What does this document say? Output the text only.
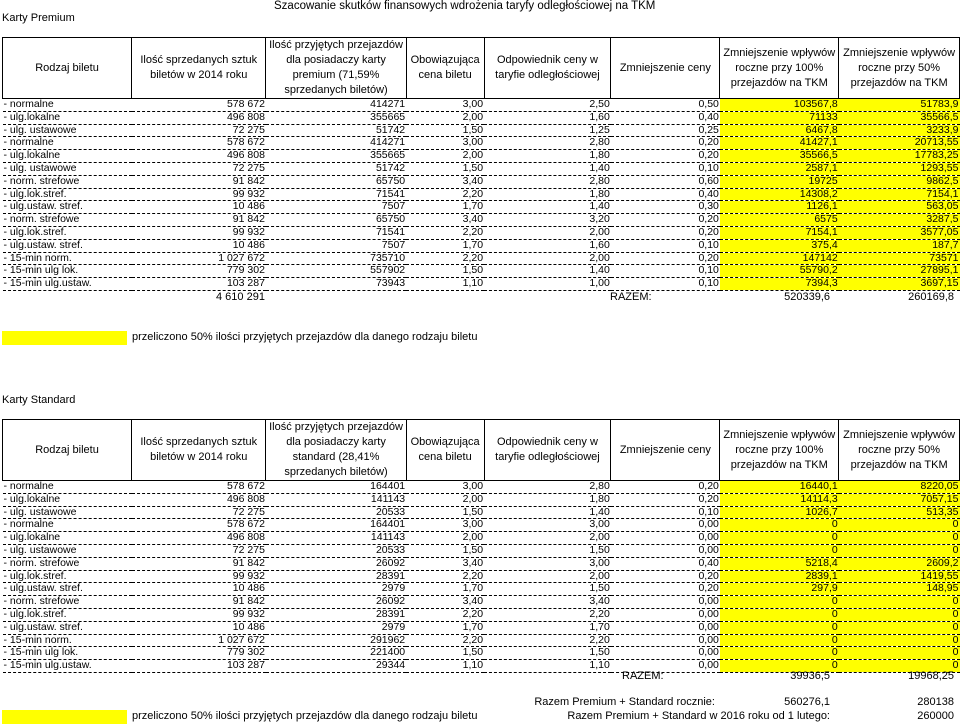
Karty Premium
Szacowanie skutków finansowych wdrożenia taryfy odległościowej na TKM
Rodzaj biletu	Ilość sprzedanych sztuk biletów w 2014 roku	Ilość przyjętych przejazdów dla posiadaczy karty premium (71,59% sprzedanych biletów)	Obowiązująca cena biletu	Odpowiednik ceny w taryfie odległościowej	Zmniejszenie ceny	Zmniejszenie wpływów roczne przy 100% przejazdów na TKM	Zmniejszenie wpływów roczne przy 50% przejazdów na TKM
- normalne	578 672	414271	3,00	2,50	0,50	103567,8	51783,9
- ulg.lokalne	496 808	355665	2,00	1,60	0,40	71133	35566,5
- ulg. ustawowe	72 275	51742	1,50	1,25	0,25	6467,8	3233,9
- normalne	578 672	414271	3,00	2,80	0,20	41427,1	20713,55
- ulg.lokalne	496 808	355665	2,00	1,80	0,20	35566,5	17783,25
- ulg. ustawowe	72 275	51742	1,50	1,40	0,10	2587,1	1293,55
- norm. strefowe	91 842	65750	3,40	2,80	0,60	19725	9862,5
- ulg.lok.stref.	99 932	71541	2,20	1,80	0,40	14308,2	7154,1
- ulg.ustaw. stref.	10 486	7507	1,70	1,40	0,30	1126,1	563,05
- norm. strefowe	91 842	65750	3,40	3,20	0,20	6575	3287,5
- ulg.lok.stref.	99 932	71541	2,20	2,00	0,20	7154,1	3577,05
- ulg.ustaw. stref.	10 486	7507	1,70	1,60	0,10	375,4	187,7
- 15-min norm.	1 027 672	735710	2,20	2,00	0,20	147142	73571
- 15-min ulg lok.	779 302	557902	1,50	1,40	0,10	55790,2	27895,1
- 15-min ulg.ustaw.	103 287	73943	1,10	1,00	0,10	7394,3	3697,15
4 610 291	RAZEM:	520339,6	260169,8
przeliczono 50% ilości przyjętych przejazdów dla danego rodzaju biletu
Karty Standard
Rodzaj biletu	Ilość sprzedanych sztuk biletów w 2014 roku	Ilość przyjętych przejazdów dla posiadaczy karty standard (28,41% sprzedanych biletów)	Obowiązująca cena biletu	Odpowiednik ceny w taryfie odległościowej	Zmniejszenie ceny	Zmniejszenie wpływów roczne przy 100% przejazdów na TKM	Zmniejszenie wpływów roczne przy 50% przejazdów na TKM
- normalne	578 672	164401	3,00	2,80	0,20	16440,1	8220,05
- ulg.lokalne	496 808	141143	2,00	1,80	0,20	14114,3	7057,15
- ulg. ustawowe	72 275	20533	1,50	1,40	0,10	1026,7	513,35
- normalne	578 672	164401	3,00	3,00	0,00	0	0
- ulg.lokalne	496 808	141143	2,00	2,00	0,00	0	0
- ulg. ustawowe	72 275	20533	1,50	1,50	0,00	0	0
- norm. strefowe	91 842	26092	3,40	3,00	0,40	5218,4	2609,2
- ulg.lok.stref.	99 932	28391	2,20	2,00	0,20	2839,1	1419,55
- ulg.ustaw. stref.	10 486	2979	1,70	1,50	0,20	297,9	148,95
- norm. strefowe	91 842	26092	3,40	3,40	0,00	0	0
- ulg.lok.stref.	99 932	28391	2,20	2,20	0,00	0	0
- ulg.ustaw. stref.	10 486	2979	1,70	1,70	0,00	0	0
- 15-min norm.	1 027 672	291962	2,20	2,20	0,00	0	0
- 15-min ulg lok.	779 302	221400	1,50	1,50	0,00	0	0
- 15-min ulg.ustaw.	103 287	29344	1,10	1,10	0,00	0	0
RAZEM:	39936,5	19968,25
Razem Premium + Standard rocznie:	560276,1	280138
przeliczono 50% ilości przyjętych przejazdów dla danego rodzaju biletu	Razem Premium + Standard w 2016 roku od 1 lutego:	260000
